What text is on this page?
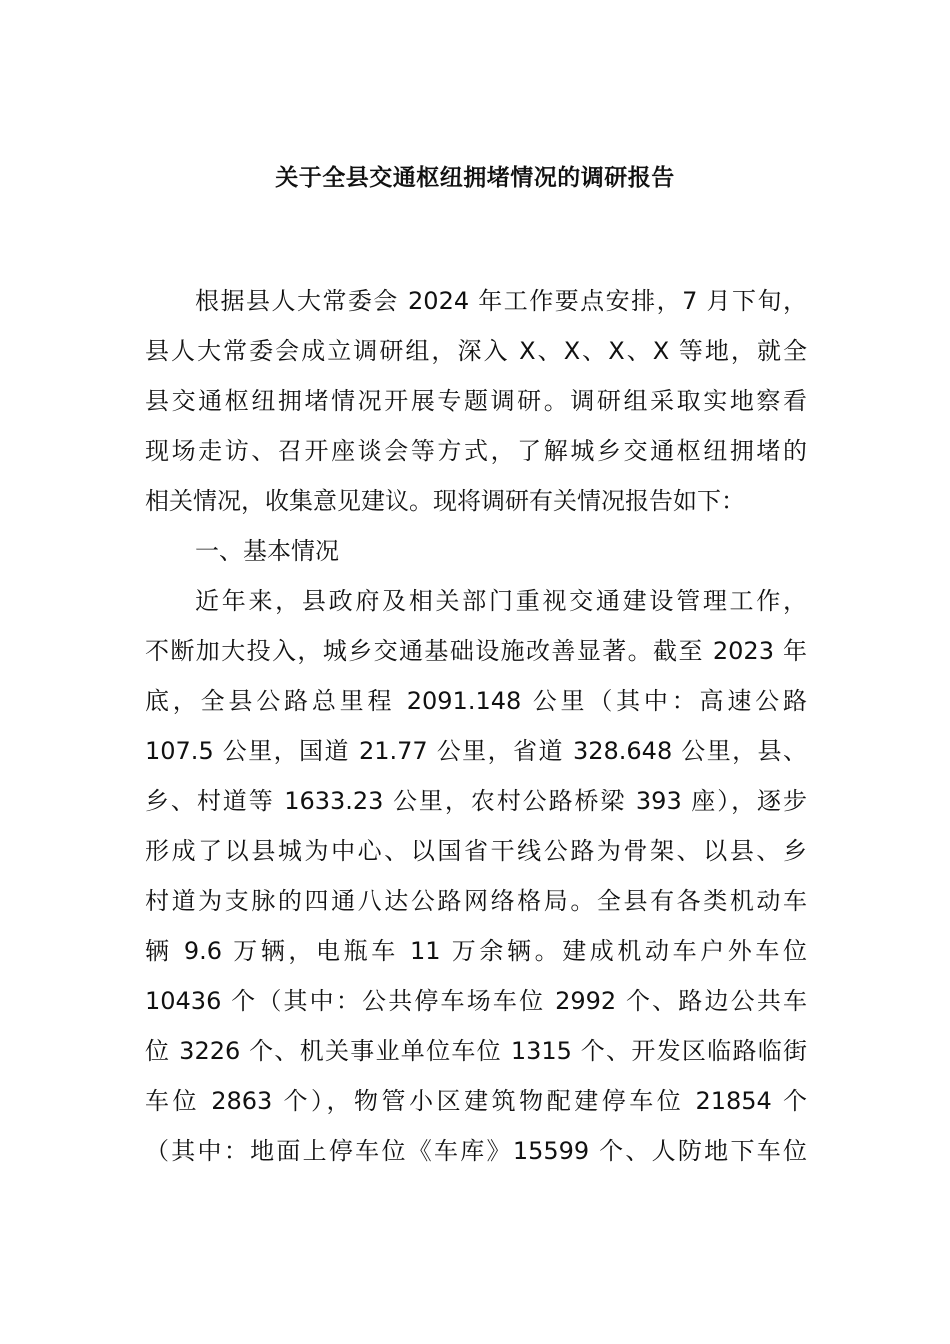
关于全县交通枢纽拥堵情况的调研报告
根据县人大常委会 2024 年工作要点安排，7 月下旬，
县人大常委会成立调研组，深入 X、X、X、X 等地，就全
县交通枢纽拥堵情况开展专题调研。调研组采取实地察看
现场走访、召开座谈会等方式，了解城乡交通枢纽拥堵的
相关情况，收集意见建议。现将调研有关情况报告如下：
一、基本情况
近年来，县政府及相关部门重视交通建设管理工作，
不断加大投入，城乡交通基础设施改善显著。截至 2023 年
底，全县公路总里程 2091.148 公里（其中：高速公路
107.5 公里，国道 21.77 公里，省道 328.648 公里，县、
乡、村道等 1633.23 公里，农村公路桥梁 393 座），逐步
形成了以县城为中心、以国省干线公路为骨架、以县、乡
村道为支脉的四通八达公路网络格局。全县有各类机动车
辆 9.6 万辆，电瓶车 11 万余辆。建成机动车户外车位
10436 个（其中：公共停车场车位 2992 个、路边公共车
位 3226 个、机关事业单位车位 1315 个、开发区临路临街
车位 2863 个），物管小区建筑物配建停车位 21854 个
（其中：地面上停车位《车库》15599 个、人防地下车位
